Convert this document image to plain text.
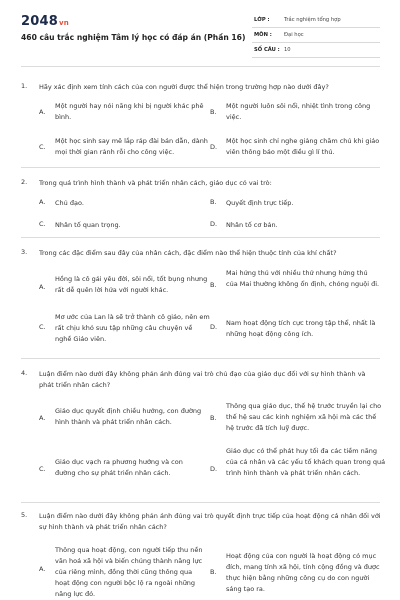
2048vn
460 câu trắc nghiệm Tâm lý học có đáp án (Phần 16)
LỚP :	Trắc nghiệm tổng hợp
MÔN : Đại học
SỐ CÂU : 10
1. Hãy xác định xem tính cách của con người được thể hiện trong trường hợp nào dưới đây?
A.
Một người hay nói năng khi bị người khác phê bình.
B.
Một người luôn sôi nổi, nhiệt tình trong công việc.
C.
Một học sinh say mê lắp ráp đài bán dẫn, dành mọi thời gian rảnh rỗi cho công việc.
D.
Một học sinh chỉ nghe giảng chăm chú khi giáo viên thông báo một điều gì lí thú.
2. Trong quá trình hình thành và phát triển nhân cách, giáo dục có vai trò:
A. Chủ đạo.	B. Quyết định trực tiếp.
C. Nhân tố quan trọng.	D. Nhân tố cơ bản.
3. Trong các đặc điểm sau đây của nhân cách, đặc điểm nào thể hiện thuộc tính của khí chất?
A.
Hồng là cô gái yêu đời, sôi nổi, tốt bụng nhưng rất dễ quên lời hứa với người khác.
B.
Mai hứng thú với nhiều thứ nhưng hứng thú của Mai thường không ổn định, chóng nguội đi.
C.
Mơ ước của Lan là sẽ trở thành cô giáo, nên em rất chịu khó sưu tập những câu chuyện về nghề Giáo viên.
D. Nam hoạt động tích cực trong tập thể, nhất là những hoạt động công ích.
4. Luận điểm nào dưới đây không phản ánh đúng vai trò chủ đạo của giáo dục đối với sự hình thành và phát triển nhân cách?
A.
Giáo dục quyết định chiều hướng, con đường hình thành và phát triển nhân cách.	B.
Thông qua giáo dục, thế hệ trước truyền lại cho thế hệ sau các kinh nghiệm xã hội mà các thế hệ trước đã tích luỹ được.
C.
Giáo dục vạch ra phương hướng và con đường cho sự phát triển nhân cách.	D.
Giáo dục có thể phát huy tối đa các tiềm năng của cá nhân và các yếu tố khách quan trong quá trình hình thành và phát triển nhân cách.
5. Luận điểm nào dưới đây không phản ánh đúng vai trò quyết định trực tiếp của hoạt động cá nhân đối với sự hình thành và phát triển nhân cách?
A.
Thông qua hoạt động, con người tiếp thu nền văn hoá xã hội và biến chúng thành năng lực của riêng mình, đồng thời cũng thông qua hoạt động con người bộc lộ ra ngoài những năng lực đó.
B.
Hoạt động của con người là hoạt động có mục đích, mang tính xã hội, tính cộng đồng và được thực hiện bằng những công cụ do con người sáng tạo ra.
